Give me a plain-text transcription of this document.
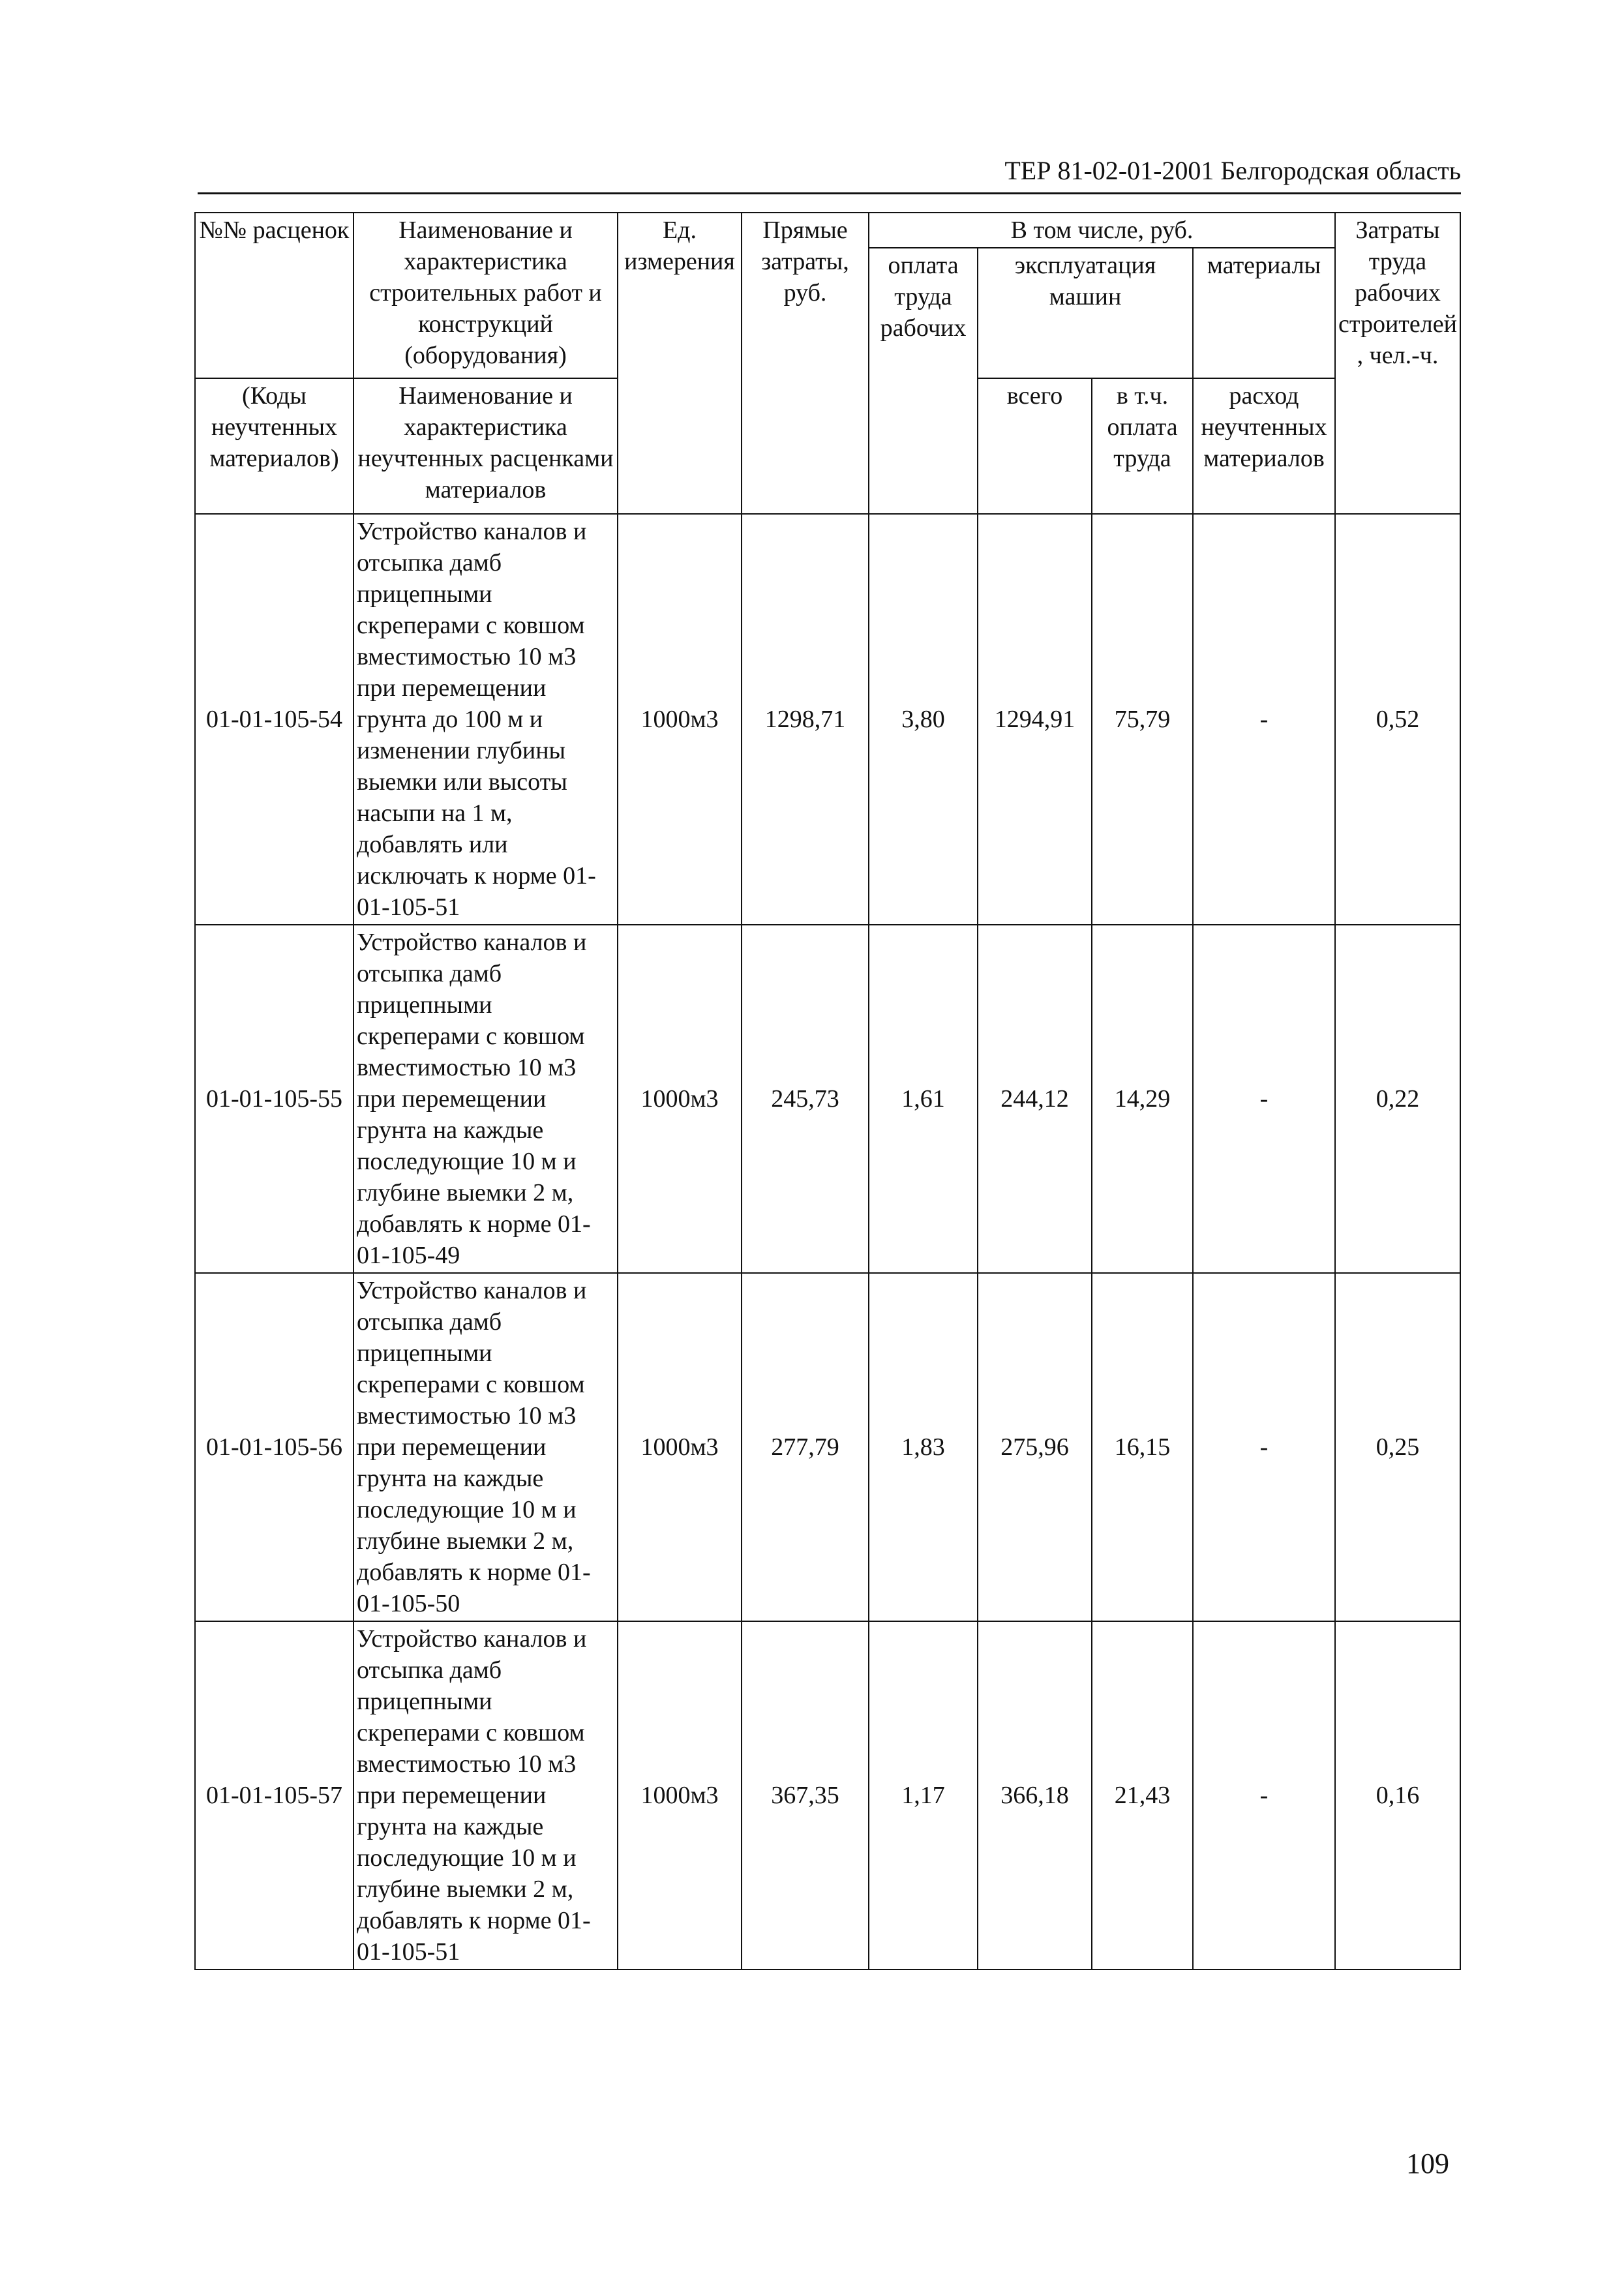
ТЕР 81-02-01-2001 Белгородская область
№№ расценок	Наименование и характеристика строительных работ и конструкций (оборудования)	Ед. измерения	Прямые затраты, руб.	В том числе, руб.				Затраты труда рабочих строителей, чел.-ч.
				оплата труда рабочих	эксплуатация машин		материалы	

(Коды неучтенных материалов)	Наименование и характеристика неучтенных расценками материалов				всего	в т.ч. оплата труда	расход неучтенных материалов	
01-01-105-54	Устройство каналов и отсыпка дамб прицепными скреперами с ковшом вместимостью 10 м3 при перемещении грунта до 100 м и изменении глубины выемки или высоты насыпи на 1 м, добавлять или исключать к норме 01-01-105-51	1000м3	1298,71	3,80	1294,91	75,79	-	0,52
01-01-105-55	Устройство каналов и отсыпка дамб прицепными скреперами с ковшом вместимостью 10 м3 при перемещении грунта на каждые последующие 10 м и глубине выемки 2 м, добавлять к норме 01-01-105-49	1000м3	245,73	1,61	244,12	14,29	-	0,22
01-01-105-56	Устройство каналов и отсыпка дамб прицепными скреперами с ковшом вместимостью 10 м3 при перемещении грунта на каждые последующие 10 м и глубине выемки 2 м, добавлять к норме 01-01-105-50	1000м3	277,79	1,83	275,96	16,15	-	0,25
01-01-105-57	Устройство каналов и отсыпка дамб прицепными скреперами с ковшом вместимостью 10 м3 при перемещении грунта на каждые последующие 10 м и глубине выемки 2 м, добавлять к норме 01-01-105-51	1000м3	367,35	1,17	366,18	21,43	-	0,16
109
